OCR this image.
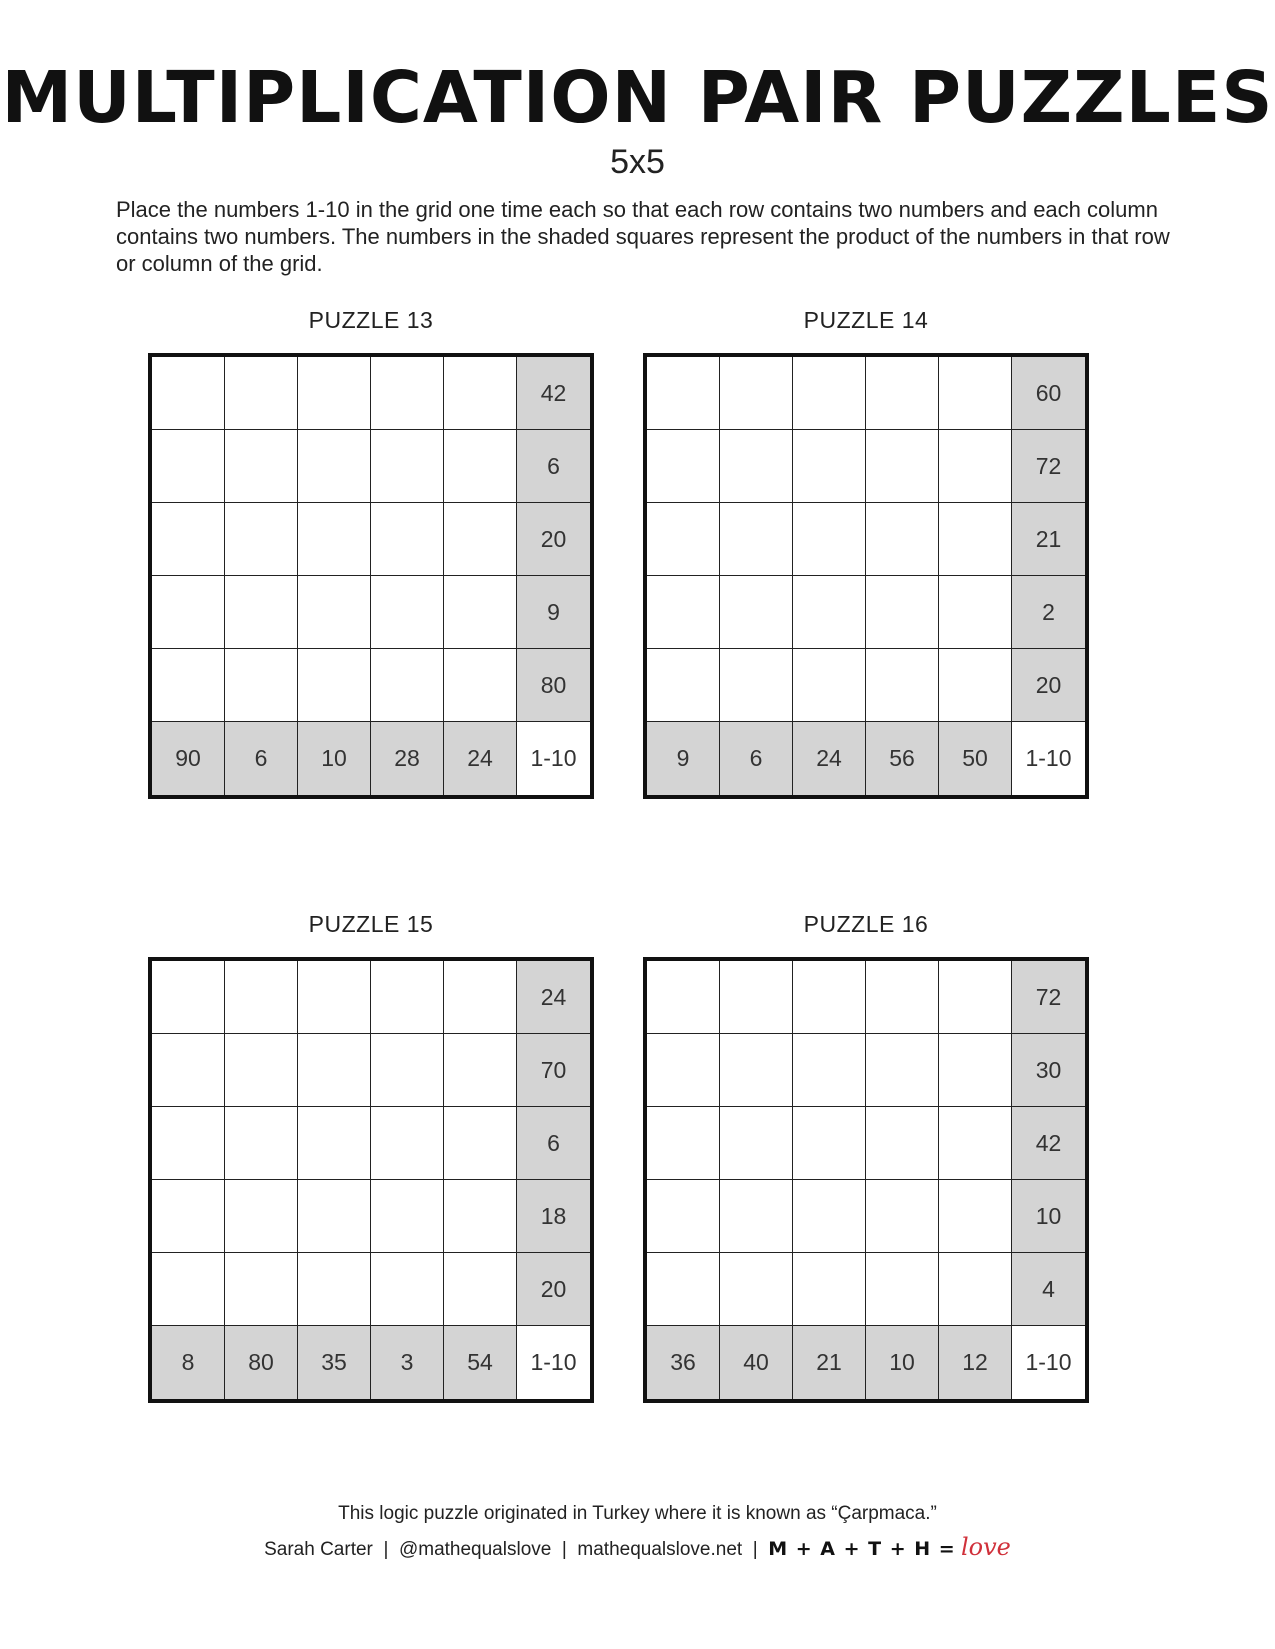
MULTIPLICATION PAIR PUZZLES
5x5
Place the numbers 1-10 in the grid one time each so that each row contains two numbers and each column contains two numbers. The numbers in the shaded squares represent the product of the numbers in that row or column of the grid.
PUZZLE 13
42
6
20
9
80
90	6	10	28	24	1-10
PUZZLE 14
60
72
21
2
20
9	6	24	56	50	1-10
PUZZLE 15
24
70
6
18
20
8	80	35	3	54	1-10
PUZZLE 16
72
30
42
10
4
36	40	21	10	12	1-10
This logic puzzle originated in Turkey where it is known as “Çarpmaca.”
Sarah Carter | @mathequalslove | mathequalslove.net | M + A + T + H = love
